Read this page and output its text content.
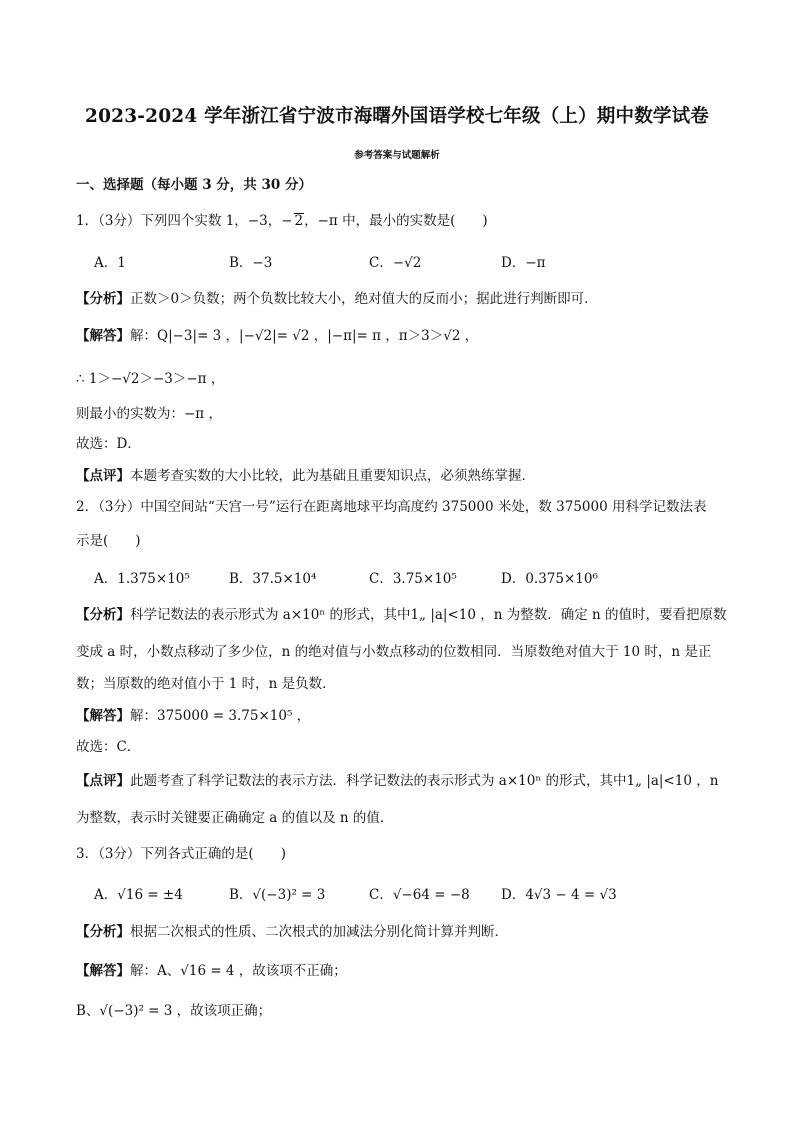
2023-2024 学年浙江省宁波市海曙外国语学校七年级（上）期中数学试卷
参考答案与试题解析
一、选择题（每小题 3 分，共 30 分）
1．（3分）下列四个实数 1，−3，− 2，−π 中，最小的实数是(　　)
A．1	B．−3	C．−√2	D．−π
【分析】正数＞0＞负数；两个负数比较大小，绝对值大的反而小；据此进行判断即可．
【解答】解：Q|−3|= 3 ，|−√2|= √2 ，|−π|= π ，π＞3＞√2 ，
∴ 1＞−√2＞−3＞−π ，
则最小的实数为：−π ，
故选：D．
【点评】本题考查实数的大小比较，此为基础且重要知识点，必须熟练掌握．
2．（3分）中国空间站“天宫一号”运行在距离地球平均高度约 375000 米处，数 375000 用科学记数法表
示是(　　)
A．1.375×10⁵	B．37.5×10⁴	C．3.75×10⁵	D．0.375×10⁶
【分析】科学记数法的表示形式为 a×10ⁿ 的形式，其中1„ |a|<10 ，n 为整数．确定 n 的值时，要看把原数
变成 a 时，小数点移动了多少位，n 的绝对值与小数点移动的位数相同．当原数绝对值大于 10 时，n 是正
数；当原数的绝对值小于 1 时，n 是负数．
【解答】解：375000 = 3.75×10⁵ ，
故选：C．
【点评】此题考查了科学记数法的表示方法．科学记数法的表示形式为 a×10ⁿ 的形式，其中1„ |a|<10 ，n
为整数，表示时关键要正确确定 a 的值以及 n 的值．
3．（3分）下列各式正确的是(　　)
A．√16 = ±4	B．√(−3)² = 3	C．√−64 = −8 D．4√3 − 4 = √3
【分析】根据二次根式的性质、二次根式的加减法分别化简计算并判断．
【解答】解：A、√16 = 4 ，故该项不正确；
B、√(−3)² = 3 ，故该项正确；
